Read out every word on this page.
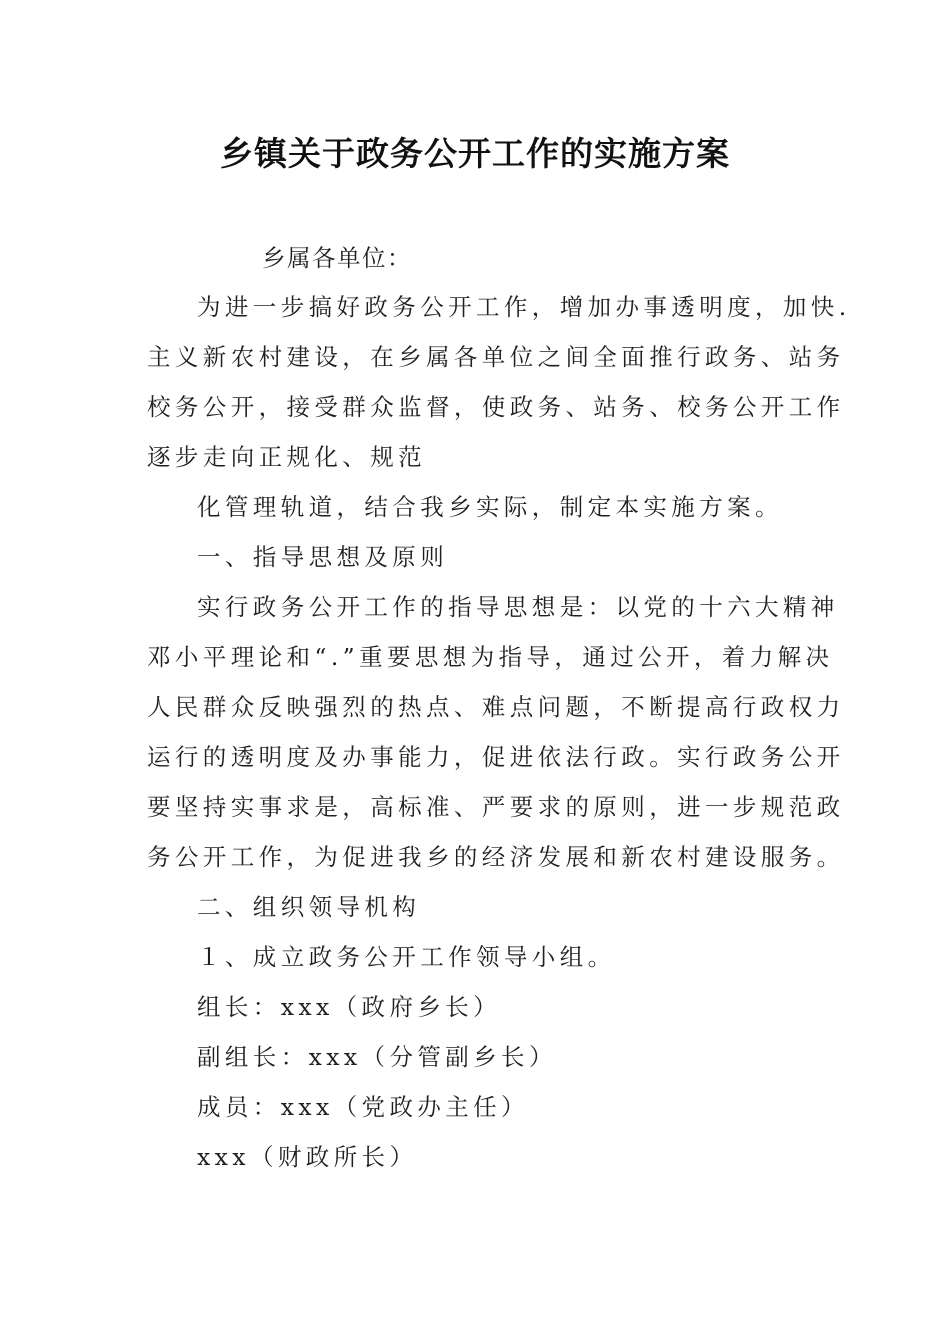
乡镇关于政务公开工作的实施方案
乡属各单位：
为进一步搞好政务公开工作，增加办事透明度，加快.
主义新农村建设，在乡属各单位之间全面推行政务、站务
校务公开，接受群众监督，使政务、站务、校务公开工作
逐步走向正规化、规范
化管理轨道，结合我乡实际，制定本实施方案。
一、指导思想及原则
实行政务公开工作的指导思想是：以党的十六大精神
邓小平理论和“.”重要思想为指导，通过公开，着力解决
人民群众反映强烈的热点、难点问题，不断提高行政权力
运行的透明度及办事能力，促进依法行政。实行政务公开
要坚持实事求是，高标准、严要求的原则，进一步规范政
务公开工作，为促进我乡的经济发展和新农村建设服务。
二、组织领导机构
１、成立政务公开工作领导小组。
组长：xxx（政府乡长）
副组长：xxx（分管副乡长）
成员：xxx（党政办主任）
xxx（财政所长）
